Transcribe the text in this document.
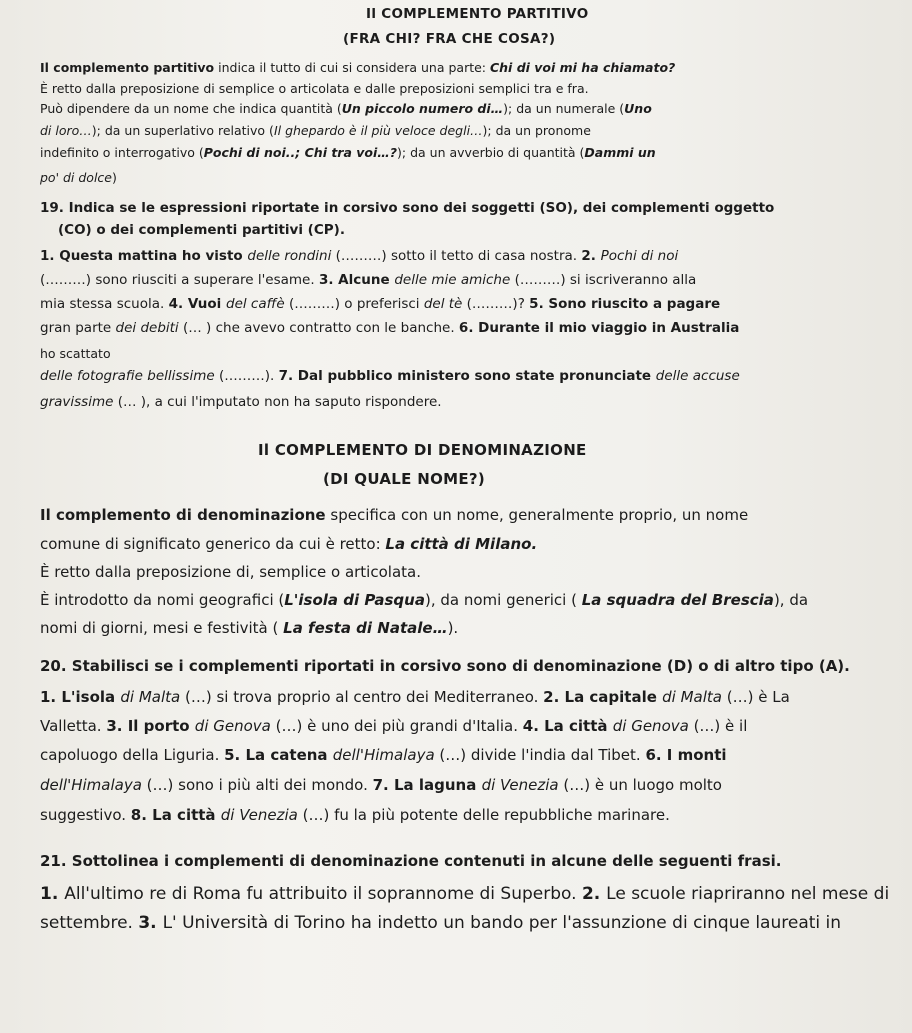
Il COMPLEMENTO PARTITIVO
(FRA CHI? FRA CHE COSA?)
Il complemento partitivo indica il tutto di cui si considera una parte: Chi di voi mi ha chiamato?
È retto dalla preposizione di semplice o articolata e dalle preposizioni semplici tra e fra.
Può dipendere da un nome che indica quantità (Un piccolo numero di…); da un numerale (Uno
di loro…); da un superlativo relativo (Il ghepardo è il più veloce degli…); da un pronome
indefinito o interrogativo (Pochi di noi..; Chi tra voi…?); da un avverbio di quantità (Dammi un
po' di dolce)
19. Indica se le espressioni riportate in corsivo sono dei soggetti (SO), dei complementi oggetto
(CO) o dei complementi partitivi (CP).
1. Questa mattina ho visto delle rondini (………) sotto il tetto di casa nostra. 2. Pochi di noi
(………) sono riusciti a superare l'esame. 3. Alcune delle mie amiche (………) si iscriveranno alla
mia stessa scuola. 4. Vuoi del caffè (………) o preferisci del tè (………)? 5. Sono riuscito a pagare
gran parte dei debiti (… ) che avevo contratto con le banche. 6. Durante il mio viaggio in Australia
ho scattato
delle fotografie bellissime (………). 7. Dal pubblico ministero sono state pronunciate delle accuse
gravissime (… ), a cui l'imputato non ha saputo rispondere.
Il COMPLEMENTO DI DENOMINAZIONE
(DI QUALE NOME?)
Il complemento di denominazione specifica con un nome, generalmente proprio, un nome
comune di significato generico da cui è retto: La città di Milano.
È retto dalla preposizione di, semplice o articolata.
È introdotto da nomi geografici (L'isola di Pasqua), da nomi generici ( La squadra del Brescia), da
nomi di giorni, mesi e festività ( La festa di Natale…).
20. Stabilisci se i complementi riportati in corsivo sono di denominazione (D) o di altro tipo (A).
1. L'isola di Malta (…) si trova proprio al centro dei Mediterraneo. 2. La capitale di Malta (…) è La
Valletta. 3. Il porto di Genova (…) è uno dei più grandi d'Italia. 4. La città di Genova (…) è il
capoluogo della Liguria. 5. La catena dell'Himalaya (…) divide l'india dal Tibet. 6. I monti
dell'Himalaya (…) sono i più alti dei mondo. 7. La laguna di Venezia (…) è un luogo molto
suggestivo. 8. La città di Venezia (…) fu la più potente delle repubbliche marinare.
21. Sottolinea i complementi di denominazione contenuti in alcune delle seguenti frasi.
1. All'ultimo re di Roma fu attribuito il soprannome di Superbo. 2. Le scuole riapriranno nel mese di
settembre. 3. L' Università di Torino ha indetto un bando per l'assunzione di cinque laureati in
